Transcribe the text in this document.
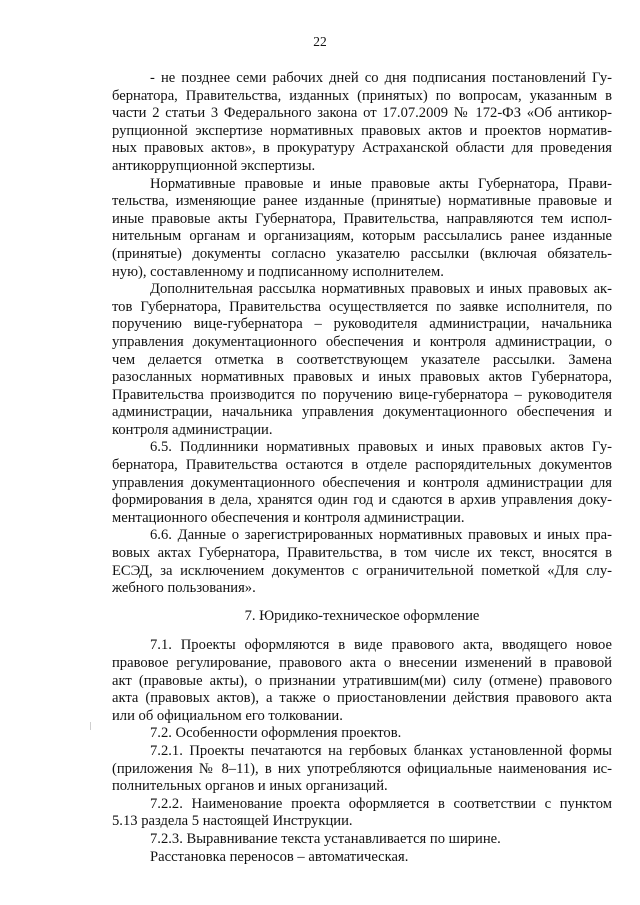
22
- не позднее семи рабочих дней со дня подписания постановлений Гу-
бернатора, Правительства, изданных (принятых) по вопросам, указанным в
части 2 статьи 3 Федерального закона от 17.07.2009 № 172-ФЗ «Об антикор-
рупционной экспертизе нормативных правовых актов и проектов норматив-
ных правовых актов», в прокуратуру Астраханской области для проведения
антикоррупционной экспертизы.
Нормативные правовые и иные правовые акты Губернатора, Прави-
тельства, изменяющие ранее изданные (принятые) нормативные правовые и
иные правовые акты Губернатора, Правительства, направляются тем испол-
нительным органам и организациям, которым рассылались ранее изданные
(принятые) документы согласно указателю рассылки (включая обязатель-
ную), составленному и подписанному исполнителем.
Дополнительная рассылка нормативных правовых и иных правовых ак-
тов Губернатора, Правительства осуществляется по заявке исполнителя, по
поручению вице-губернатора – руководителя администрации, начальника
управления документационного обеспечения и контроля администрации, о
чем делается отметка в соответствующем указателе рассылки. Замена
разосланных нормативных правовых и иных правовых актов Губернатора,
Правительства производится по поручению вице-губернатора – руководителя
администрации, начальника управления документационного обеспечения и
контроля администрации.
6.5. Подлинники нормативных правовых и иных правовых актов Гу-
бернатора, Правительства остаются в отделе распорядительных документов
управления документационного обеспечения и контроля администрации для
формирования в дела, хранятся один год и сдаются в архив управления доку-
ментационного обеспечения и контроля администрации.
6.6. Данные о зарегистрированных нормативных правовых и иных пра-
вовых актах Губернатора, Правительства, в том числе их текст, вносятся в
ЕСЭД, за исключением документов с ограничительной пометкой «Для слу-
жебного пользования».
7. Юридико-техническое оформление
7.1. Проекты оформляются в виде правового акта, вводящего новое
правовое регулирование, правового акта о внесении изменений в правовой
акт (правовые акты), о признании утратившим(ми) силу (отмене) правового
акта (правовых актов), а также о приостановлении действия правового акта
или об официальном его толковании.
7.2. Особенности оформления проектов.
7.2.1. Проекты печатаются на гербовых бланках установленной формы
(приложения № 8–11), в них употребляются официальные наименования ис-
полнительных органов и иных организаций.
7.2.2. Наименование проекта оформляется в соответствии с пунктом
5.13 раздела 5 настоящей Инструкции.
7.2.3. Выравнивание текста устанавливается по ширине.
Расстановка переносов – автоматическая.
